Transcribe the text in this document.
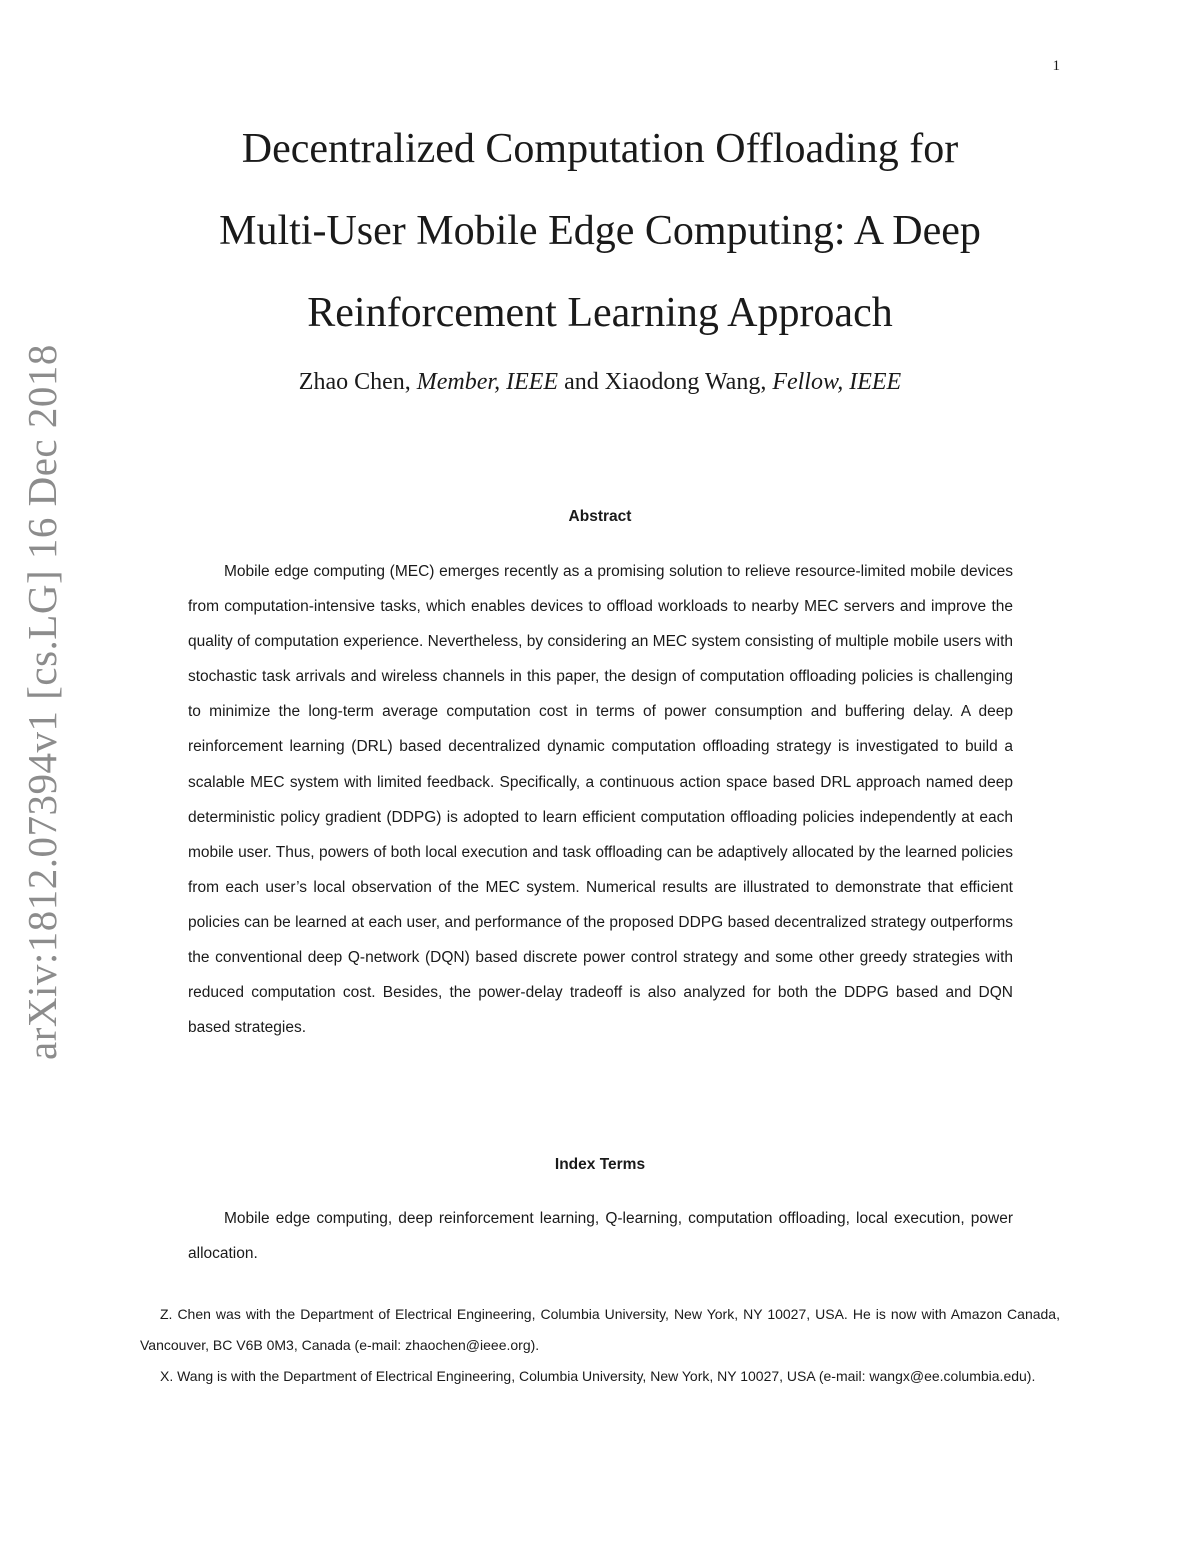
1
arXiv:1812.07394v1 [cs.LG] 16 Dec 2018
Decentralized Computation Offloading for
Multi-User Mobile Edge Computing: A Deep
Reinforcement Learning Approach
Zhao Chen, Member, IEEE and Xiaodong Wang, Fellow, IEEE
Abstract

Mobile edge computing (MEC) emerges recently as a promising solution to relieve resource-limited mobile devices from computation-intensive tasks, which enables devices to offload workloads to nearby MEC servers and improve the quality of computation experience. Nevertheless, by considering an MEC system consisting of multiple mobile users with stochastic task arrivals and wireless channels in this paper, the design of computation offloading policies is challenging to minimize the long-term average computation cost in terms of power consumption and buffering delay. A deep reinforcement learning (DRL) based decentralized dynamic computation offloading strategy is investigated to build a scalable MEC system with limited feedback. Specifically, a continuous action space based DRL approach named deep deterministic policy gradient (DDPG) is adopted to learn efficient computation offloading policies independently at each mobile user. Thus, powers of both local execution and task offloading can be adaptively allocated by the learned policies from each user’s local observation of the MEC system. Numerical results are illustrated to demonstrate that efficient policies can be learned at each user, and performance of the proposed DDPG based decentralized strategy outperforms the conventional deep Q-network (DQN) based discrete power control strategy and some other greedy strategies with reduced computation cost. Besides, the power-delay tradeoff is also analyzed for both the DDPG based and DQN based strategies.

Index Terms

Mobile edge computing, deep reinforcement learning, Q-learning, computation offloading, local execution, power allocation.

Z. Chen was with the Department of Electrical Engineering, Columbia University, New York, NY 10027, USA. He is now with Amazon Canada, Vancouver, BC V6B 0M3, Canada (e-mail: zhaochen@ieee.org).

X. Wang is with the Department of Electrical Engineering, Columbia University, New York, NY 10027, USA (e-mail: wangx@ee.columbia.edu).
